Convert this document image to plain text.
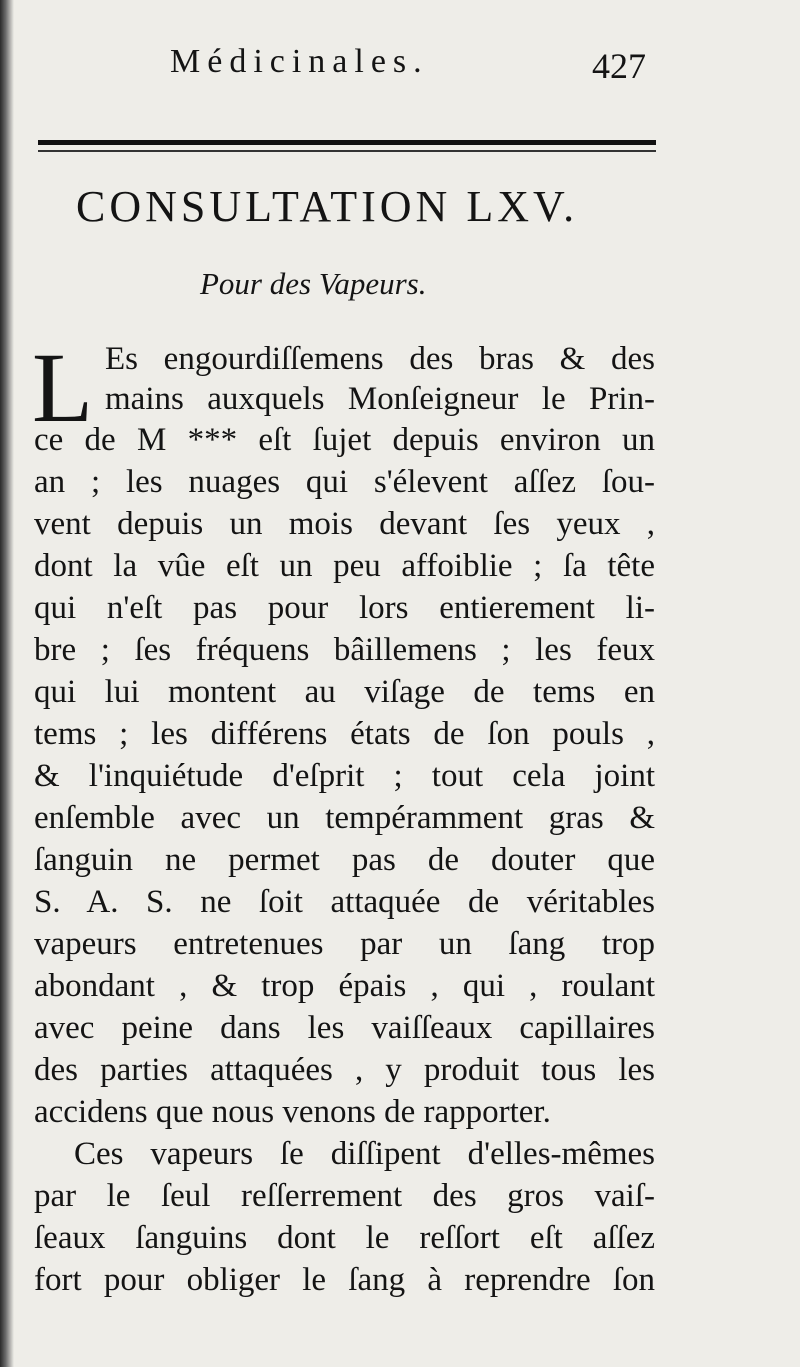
Médicinales.	427
CONSULTATION LXV.
Pour des Vapeurs.
L Es engourdiſſemens des bras & des
mains auxquels Monſeigneur le Prin-
ce de M *** eſt ſujet depuis environ un
an ; les nuages qui s'élevent aſſez ſou-
vent depuis un mois devant ſes yeux ,
dont la vûe eſt un peu affoiblie ; ſa tête
qui n'eſt pas pour lors entierement li-
bre ; ſes fréquens bâillemens ; les feux
qui lui montent au viſage de tems en
tems ; les différens états de ſon pouls ,
& l'inquiétude d'eſprit ; tout cela joint
enſemble avec un tempéramment gras &
ſanguin ne permet pas de douter que
S. A. S. ne ſoit attaquée de véritables
vapeurs entretenues par un ſang trop
abondant , & trop épais , qui , roulant
avec peine dans les vaiſſeaux capillaires
des parties attaquées , y produit tous les
accidens que nous venons de rapporter.
Ces vapeurs ſe diſſipent d'elles-mêmes
par le ſeul reſſerrement des gros vaiſ-
ſeaux ſanguins dont le reſſort eſt aſſez
fort pour obliger le ſang à reprendre ſon
